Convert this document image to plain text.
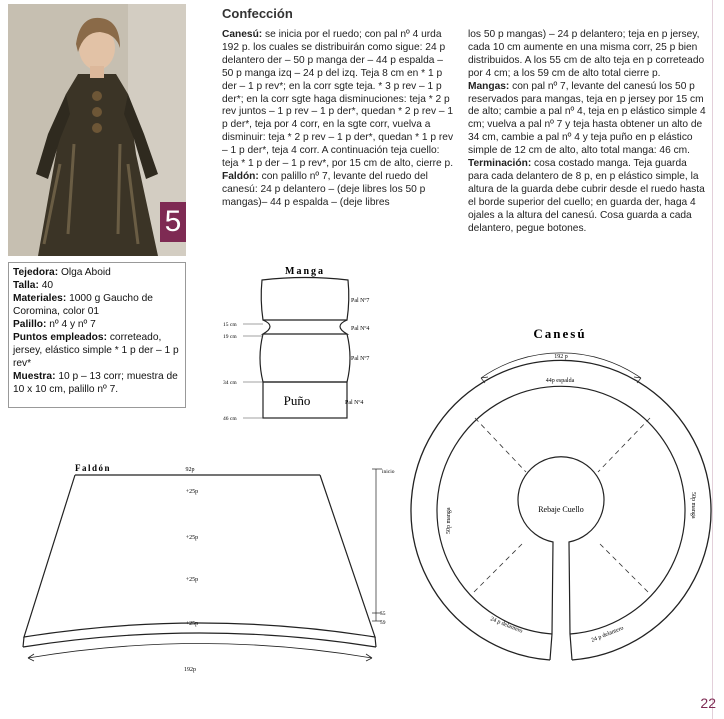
5
Tejedora: Olga Aboid
Talla: 40
Materiales: 1000 g Gaucho de Coromina, color 01
Palillo: nº 4 y nº 7
Puntos empleados: correteado, jersey, elástico simple * 1 p der – 1 p rev*
Muestra: 10 p – 13 corr; muestra de 10 x 10 cm, palillo nº 7.
Confección
Canesú: se inicia por el ruedo; con pal nº 4 urda 192 p. los cuales se distribuirán como sigue: 24 p delantero der – 50 p manga der – 44 p espalda – 50 p manga izq – 24 p del izq. Teja 8 cm en * 1 p der – 1 p rev*; en la corr sgte teja. * 3 p rev – 1 p der*; en la corr sgte haga disminuciones: teja * 2 p rev juntos – 1 p rev – 1 p der*, quedan * 2 p rev – 1 p der*, teja por 4 corr, en la sgte corr, vuelva a disminuir: teja * 2 p rev – 1 p der*, quedan * 1 p rev – 1 p der*, teja 4 corr. A continuación teja cuello: teja * 1 p der – 1 p rev*, por 15 cm de alto, cierre p.
Faldón: con palillo nº 7, levante del ruedo del canesú: 24 p delantero – (deje libres los 50 p mangas)– 44 p espalda – (deje libres
los 50 p mangas) – 24 p delantero; teja en p jersey, cada 10 cm aumente en una misma corr, 25 p bien distribuidos. A los 55 cm de alto teja en p correteado por 4 cm; a los 59 cm de alto total cierre p.
Mangas: con pal nº 7, levante del canesú los 50 p reservados para mangas, teja en p jersey por 15 cm de alto; cambie a pal nº 4, teja en p elástico simple 4 cm; vuelva a pal nº 7 y teja hasta obtener un alto de 34 cm, cambie a pal nº 4 y teja puño en p elástico simple de 12 cm de alto, alto total manga: 46 cm.
Terminación: cosa costado manga. Teja guarda para cada delantero de 8 p, en p elástico simple, la altura de la guarda debe cubrir desde el ruedo hasta el borde superior del cuello; en guarda der, haga 4 ojales a la altura del canesú. Cosa guarda a cada delantero, pegue botones.
Manga
Puño
Pal Nº7
Pal Nº4
Pal Nº7
Pal Nº4
15 cm
19 cm
34 cm
46 cm
Faldón	92p
+25p
+25p
+25p
+25p
192p
inicio
55
59
Canesú
192 p
44p espalda
Rebaje Cuello
50p manga
50p manga
24 p delantero	24 p delantero
22
